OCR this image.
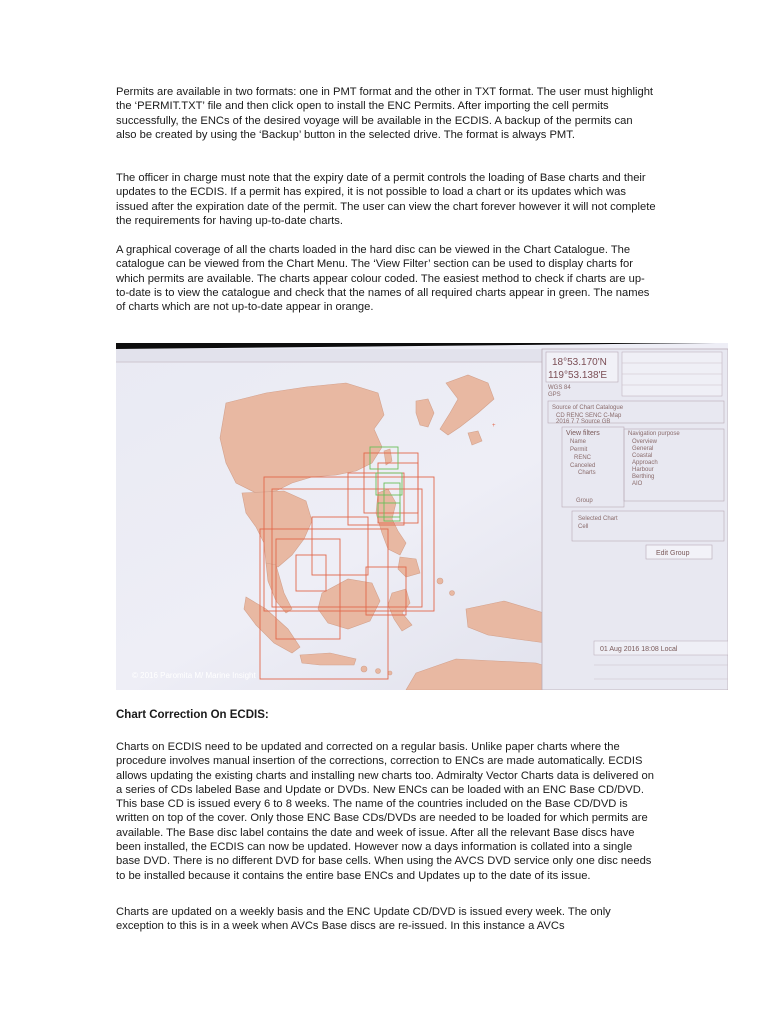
Permits are available in two formats: one in PMT format and the other in TXT format. The user must highlight the ‘PERMIT.TXT’ file and then click open to install the ENC Permits. After importing the cell permits successfully, the ENCs of the desired voyage will be available in the ECDIS. A backup of the permits can also be created by using the ‘Backup’ button in the selected drive. The format is always PMT.

The officer in charge must note that the expiry date of a permit controls the loading of Base charts and their updates to the ECDIS. If a permit has expired, it is not possible to load a chart or its updates which was issued after the expiration date of the permit. The user can view the chart forever however it will not complete the requirements for having up-to-date charts.

A graphical coverage of all the charts loaded in the hard disc can be viewed in the Chart Catalogue. The catalogue can be viewed from the Chart Menu. The ‘View Filter’ section can be used to display charts for which permits are available. The charts appear colour coded. The easiest method to check if charts are up-to-date is to view the catalogue and check that the names of all required charts appear in green. The names of charts which are not up-to-date appear in orange.

+
18°53.170'N
119°53.138'E
WGS 84
GPS
Source of Chart Catalogue
CD RENC SENC C-Map
2016 7 7 Source GB
View filters
Name
Permit
RENC
Canceled
Charts
Navigation purpose
Overview
General
Coastal
Approach
Harbour
Berthing
AIO
Group
Selected Chart
Cell
Edit Group
01 Aug 2016 18:08 Local
© 2016 Paromita M/ Marine Insight

Chart Correction On ECDIS:

Charts on ECDIS need to be updated and corrected on a regular basis. Unlike paper charts where the procedure involves manual insertion of the corrections, correction to ENCs are made automatically. ECDIS allows updating the existing charts and installing new charts too. Admiralty Vector Charts data is delivered on a series of CDs labeled Base and Update or DVDs. New ENCs can be loaded with an ENC Base CD/DVD. This base CD is issued every 6 to 8 weeks. The name of the countries included on the Base CD/DVD is written on top of the cover. Only those ENC Base CDs/DVDs are needed to be loaded for which permits are available. The Base disc label contains the date and week of issue. After all the relevant Base discs have been installed, the ECDIS can now be updated. However now a days information is collated into a single base DVD. There is no different DVD for base cells. When using the AVCS DVD service only one disc needs to be installed because it contains the entire base ENCs and Updates up to the date of its issue.

Charts are updated on a weekly basis and the ENC Update CD/DVD is issued every week. The only exception to this is in a week when AVCs Base discs are re-issued. In this instance a AVCs
